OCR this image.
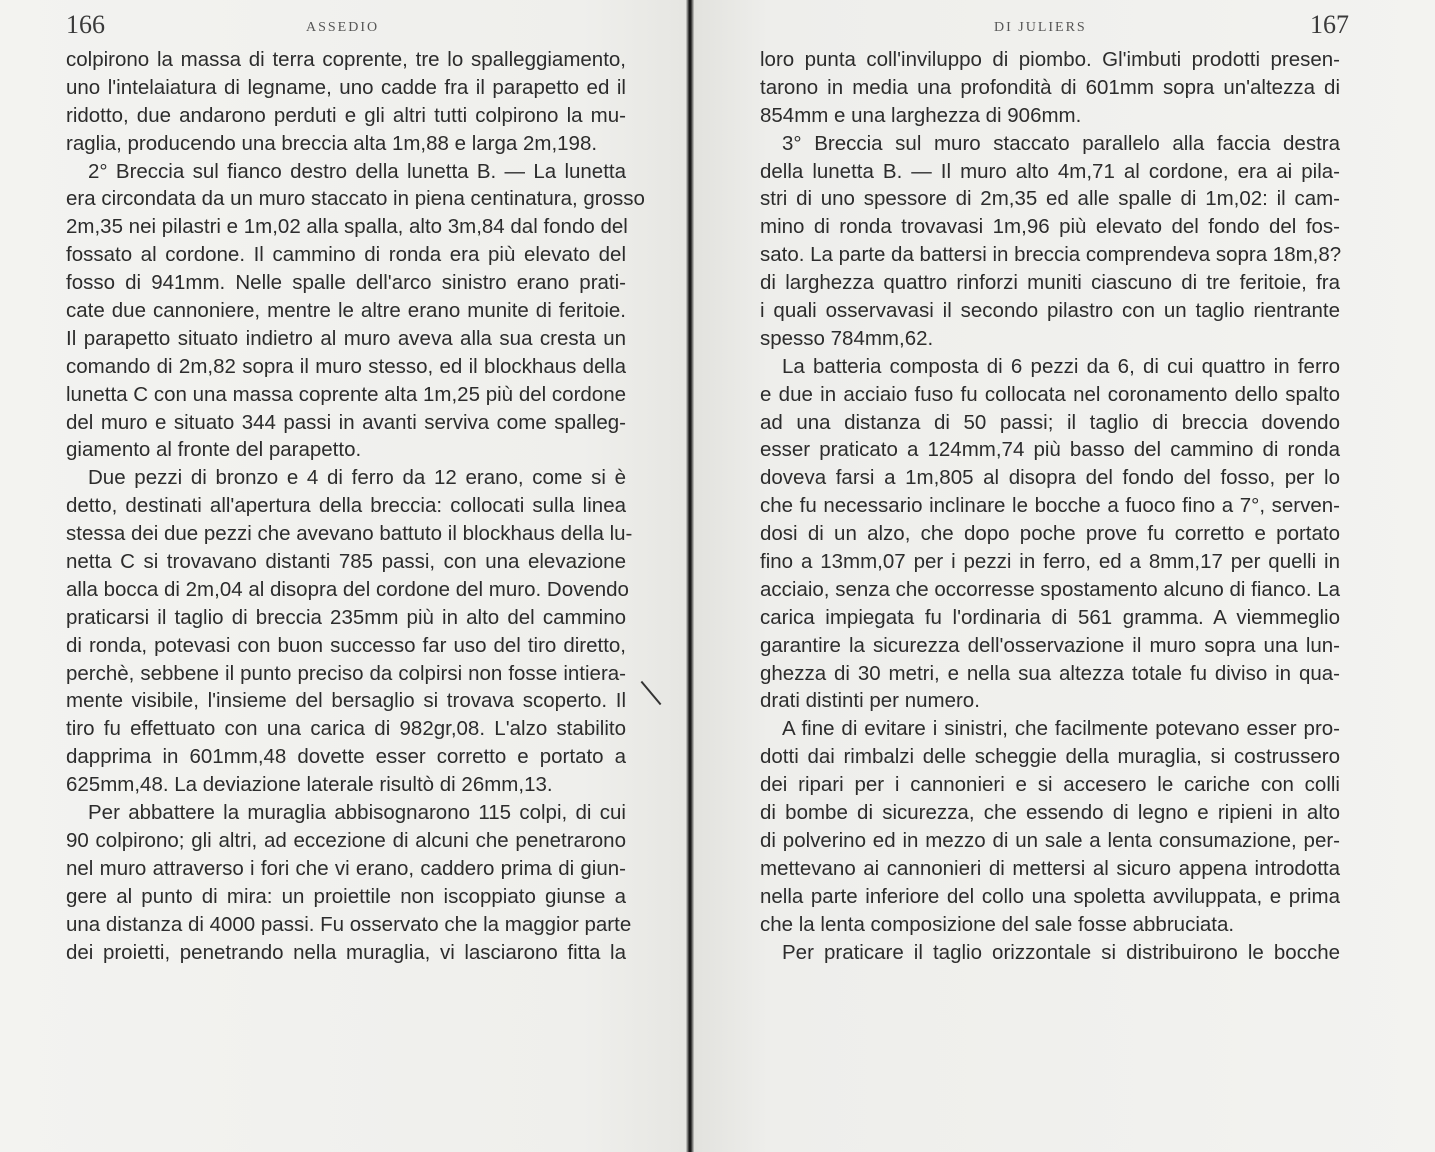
166	ASSEDIO
colpirono la massa di terra coprente, tre lo spalleggiamento,
uno l'intelaiatura di legname, uno cadde fra il parapetto ed il
ridotto, due andarono perduti e gli altri tutti colpirono la mu-
raglia, producendo una breccia alta 1m,88 e larga 2m,198.
2° Breccia sul fianco destro della lunetta B. — La lunetta
era circondata da un muro staccato in piena centinatura, grosso
2m,35 nei pilastri e 1m,02 alla spalla, alto 3m,84 dal fondo del
fossato al cordone. Il cammino di ronda era più elevato del
fosso di 941mm. Nelle spalle dell'arco sinistro erano prati-
cate due cannoniere, mentre le altre erano munite di feritoie.
Il parapetto situato indietro al muro aveva alla sua cresta un
comando di 2m,82 sopra il muro stesso, ed il blockhaus della
lunetta C con una massa coprente alta 1m,25 più del cordone
del muro e situato 344 passi in avanti serviva come spalleg-
giamento al fronte del parapetto.
Due pezzi di bronzo e 4 di ferro da 12 erano, come si è
detto, destinati all'apertura della breccia: collocati sulla linea
stessa dei due pezzi che avevano battuto il blockhaus della lu-
netta C si trovavano distanti 785 passi, con una elevazione
alla bocca di 2m,04 al disopra del cordone del muro. Dovendo
praticarsi il taglio di breccia 235mm più in alto del cammino
di ronda, potevasi con buon successo far uso del tiro diretto,
perchè, sebbene il punto preciso da colpirsi non fosse intiera-
mente visibile, l'insieme del bersaglio si trovava scoperto. Il
tiro fu effettuato con una carica di 982gr,08. L'alzo stabilito
dapprima in 601mm,48 dovette esser corretto e portato a
625mm,48. La deviazione laterale risultò di 26mm,13.
Per abbattere la muraglia abbisognarono 115 colpi, di cui
90 colpirono; gli altri, ad eccezione di alcuni che penetrarono
nel muro attraverso i fori che vi erano, caddero prima di giun-
gere al punto di mira: un proiettile non iscoppiato giunse a
una distanza di 4000 passi. Fu osservato che la maggior parte
dei proietti, penetrando nella muraglia, vi lasciarono fitta la
DI JULIERS	167
loro punta coll'inviluppo di piombo. Gl'imbuti prodotti presen-
tarono in media una profondità di 601mm sopra un'altezza di
854mm e una larghezza di 906mm.
3° Breccia sul muro staccato parallelo alla faccia destra
della lunetta B. — Il muro alto 4m,71 al cordone, era ai pila-
stri di uno spessore di 2m,35 ed alle spalle di 1m,02: il cam-
mino di ronda trovavasi 1m,96 più elevato del fondo del fos-
sato. La parte da battersi in breccia comprendeva sopra 18m,8?
di larghezza quattro rinforzi muniti ciascuno di tre feritoie, fra
i quali osservavasi il secondo pilastro con un taglio rientrante
spesso 784mm,62.
La batteria composta di 6 pezzi da 6, di cui quattro in ferro
e due in acciaio fuso fu collocata nel coronamento dello spalto
ad una distanza di 50 passi; il taglio di breccia dovendo
esser praticato a 124mm,74 più basso del cammino di ronda
doveva farsi a 1m,805 al disopra del fondo del fosso, per lo
che fu necessario inclinare le bocche a fuoco fino a 7°, serven-
dosi di un alzo, che dopo poche prove fu corretto e portato
fino a 13mm,07 per i pezzi in ferro, ed a 8mm,17 per quelli in
acciaio, senza che occorresse spostamento alcuno di fianco. La
carica impiegata fu l'ordinaria di 561 gramma. A viemmeglio
garantire la sicurezza dell'osservazione il muro sopra una lun-
ghezza di 30 metri, e nella sua altezza totale fu diviso in qua-
drati distinti per numero.
A fine di evitare i sinistri, che facilmente potevano esser pro-
dotti dai rimbalzi delle scheggie della muraglia, si costrussero
dei ripari per i cannonieri e si accesero le cariche con colli
di bombe di sicurezza, che essendo di legno e ripieni in alto
di polverino ed in mezzo di un sale a lenta consumazione, per-
mettevano ai cannonieri di mettersi al sicuro appena introdotta
nella parte inferiore del collo una spoletta avviluppata, e prima
che la lenta composizione del sale fosse abbruciata.
Per praticare il taglio orizzontale si distribuirono le bocche
